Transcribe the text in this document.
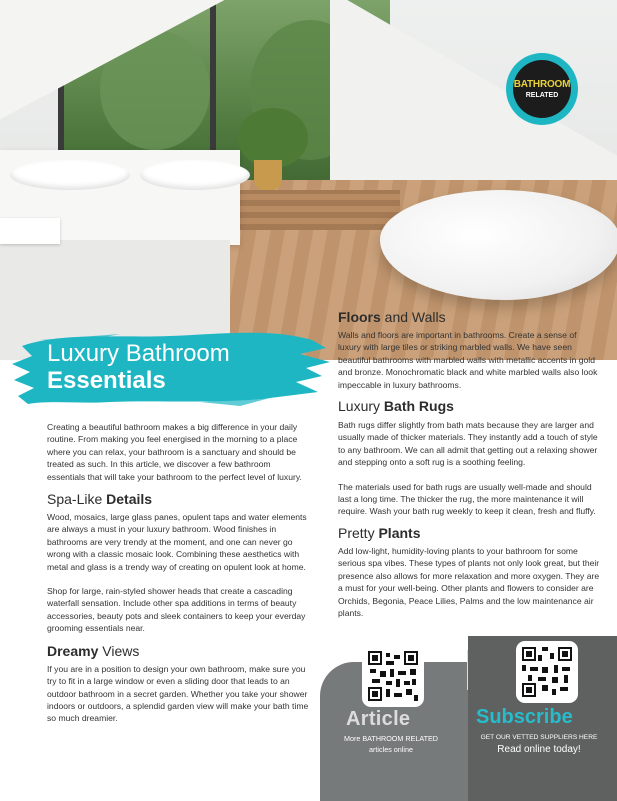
BATHROOM
RELATED
Luxury Bathroom
Essentials

Creating a beautiful bathroom makes a big difference in your daily routine. From making you feel energised in the morning to a place where you can relax, your bathroom is a sanctuary and should be treated as such. In this article, we discover a few bathroom essentials that will take your bathroom to the perfect level of luxury.

Spa-Like Details

Wood, mosaics, large glass panes, opulent taps and water elements are always a must in your luxury bathroom. Wood finishes in bathrooms are very trendy at the moment, and one can never go wrong with a classic mosaic look. Combining these aesthetics with metal and glass is a trendy way of creating on opulent look at home.

Shop for large, rain-styled shower heads that create a cascading waterfall sensation. Include other spa additions in terms of beauty accessories, beauty pots and sleek containers to keep your everday grooming essentials near.

Dreamy Views

If you are in a position to design your own bathroom, make sure you try to fit in a large window or even a sliding door that leads to an outdoor bathroom in a secret garden. Whether you take your shower indoors or outdoors, a splendid garden view will make your bath time so much dreamier.

Floors and Walls

Walls and floors are important in bathrooms. Create a sense of luxury with large tiles or striking marbled walls. We have seen beautiful bathrooms with marbled walls with metallic accents in gold and bronze. Monochromatic black and white marbled walls also look impeccable in luxury bathrooms.

Luxury Bath Rugs

Bath rugs differ slightly from bath mats because they are larger and usually made of thicker materials. They instantly add a touch of style to any bathroom. We can all admit that getting out a relaxing shower and stepping onto a soft rug is a soothing feeling.

The materials used for bath rugs are usually well-made and should last a long time. The thicker the rug, the more maintenance it will require. Wash your bath rug weekly to keep it clean, fresh and fluffy.

Pretty Plants

Add low-light, humidity-loving plants to your bathroom for some serious spa vibes. These types of plants not only look great, but their presence also allows for more relaxation and more oxygen. They are a must for your well-being. Other plants and flowers to consider are Orchids, Begonia, Peace Lilies, Palms and the low maintenance air plants.

Article
More BATHROOM RELATED
articles online
Subscribe
GET OUR VETTED SUPPLIERS HERE
Read online today!
